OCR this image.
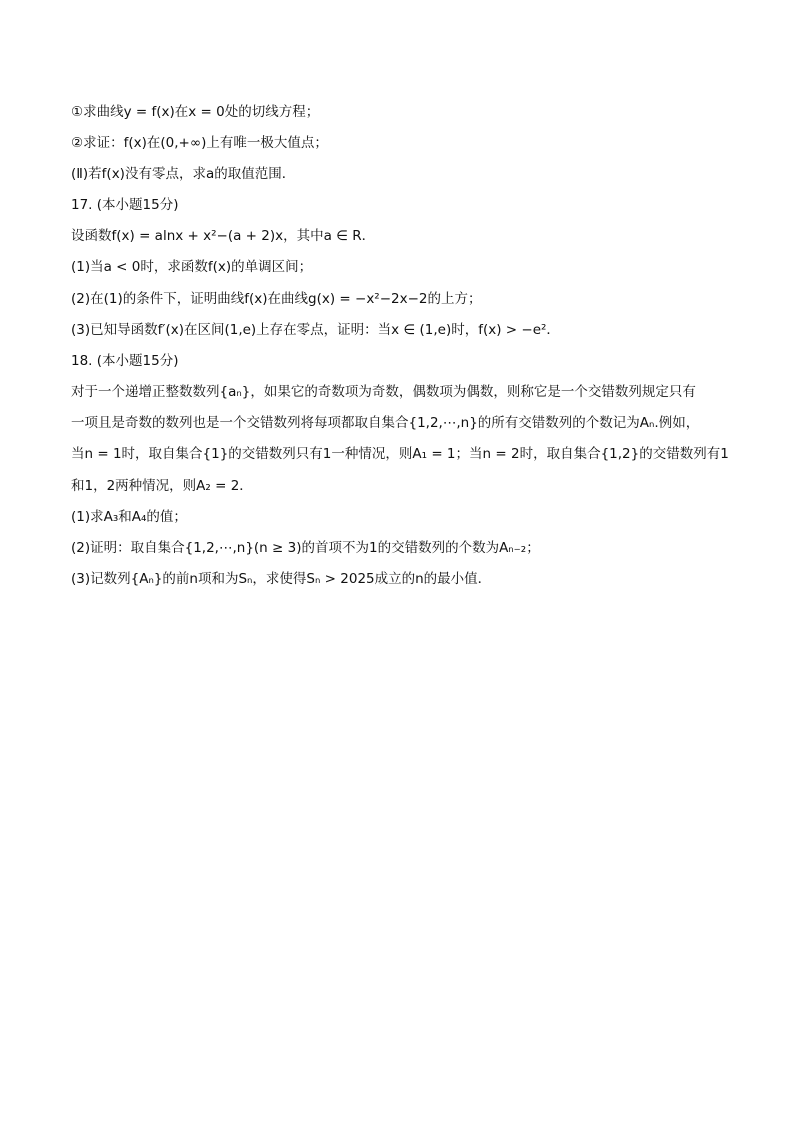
①求曲线y = f(x)在x = 0处的切线方程；
②求证：f(x)在(0,+∞)上有唯一极大值点；
(Ⅱ)若f(x)没有零点，求a的取值范围．
17. (本小题15分)
设函数f(x) = alnx + x²−(a + 2)x，其中a ∈ R．
(1)当a < 0时，求函数f(x)的单调区间；
(2)在(1)的条件下，证明曲线f(x)在曲线g(x) = −x²−2x−2的上方；
(3)已知导函数f′(x)在区间(1,e)上存在零点，证明：当x ∈ (1,e)时，f(x) > −e²．
18. (本小题15分)
对于一个递增正整数数列{aₙ}，如果它的奇数项为奇数，偶数项为偶数，则称它是一个交错数列规定只有
一项且是奇数的数列也是一个交错数列将每项都取自集合{1,2,⋯,n}的所有交错数列的个数记为Aₙ.例如，
当n = 1时，取自集合{1}的交错数列只有1一种情况，则A₁ = 1；当n = 2时，取自集合{1,2}的交错数列有1
和1，2两种情况，则A₂ = 2．
(1)求A₃和A₄的值；
(2)证明：取自集合{1,2,⋯,n}(n ≥ 3)的首项不为1的交错数列的个数为Aₙ₋₂；
(3)记数列{Aₙ}的前n项和为Sₙ，求使得Sₙ > 2025成立的n的最小值．
